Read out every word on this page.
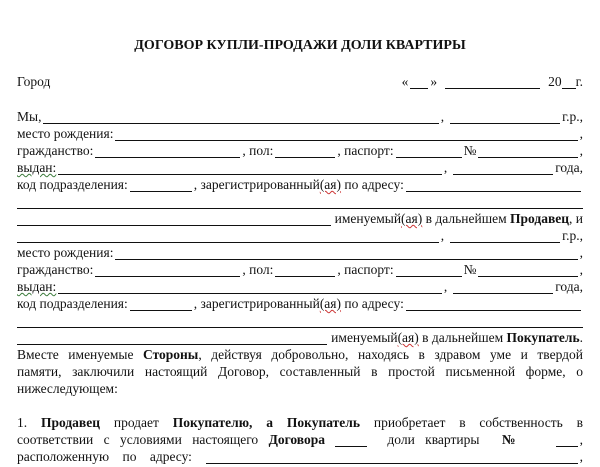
ДОГОВОР КУПЛИ-ПРОДАЖИ ДОЛИ КВАРТИРЫ
Город	« »	20 г.
Мы,	,	г.р.,
место рождения:	,
гражданство:	, пол:	, паспорт:	№	,
выдан:	,	года,
код подразделения:	, зарегистрированный (ая) по адресу:
именуемый (ая) в дальнейшем Продавец , и
,	г.р.,
место рождения:	,
гражданство:	, пол:	, паспорт:	№	,
выдан:	,	года,
код подразделения:	, зарегистрированный (ая) по адресу:
именуемый (ая) в дальнейшем Покупатель .
Вместе именуемые Стороны, действуя добровольно, находясь в здравом уме и твердой
памяти, заключили настоящий Договор, составленный в простой письменной форме, о
нижеследующем:
1. Продавец продает Покупателю, а Покупатель приобретает в собственность в
соответствии с условиями настоящего Договора	доли квартиры №	,
расположенную по адресу:	,
